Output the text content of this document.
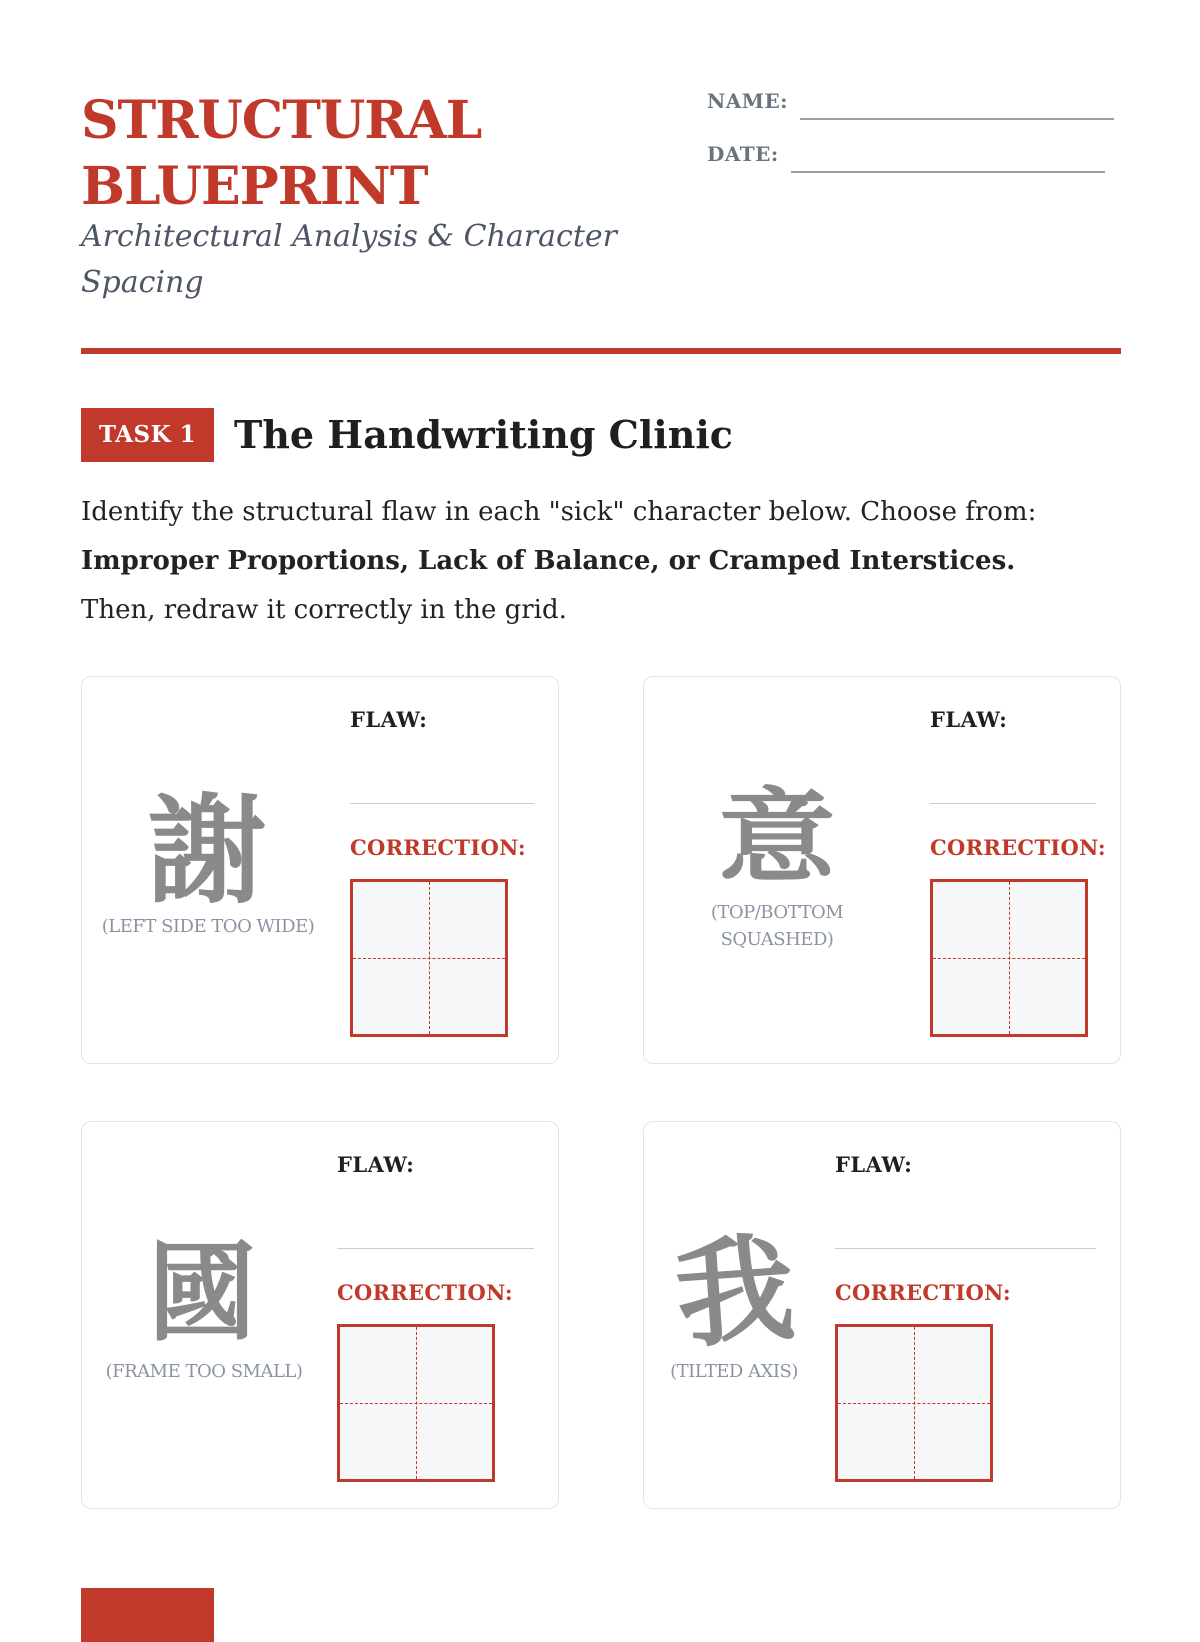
STRUCTURAL
BLUEPRINT
Architectural Analysis & Character
Spacing
NAME:
DATE:
TASK 1 The Handwriting Clinic

Identify the structural flaw in each "sick" character below. Choose from:
Improper Proportions, Lack of Balance, or Cramped Interstices.
Then, redraw it correctly in the grid.

謝
(LEFT SIDE TOO WIDE)
FLAW:
CORRECTION: 意
(TOP/BOTTOM
SQUASHED)
FLAW:
CORRECTION:
國
(FRAME TOO SMALL)
FLAW:
CORRECTION: 我
(TILTED AXIS)
FLAW:
CORRECTION:
